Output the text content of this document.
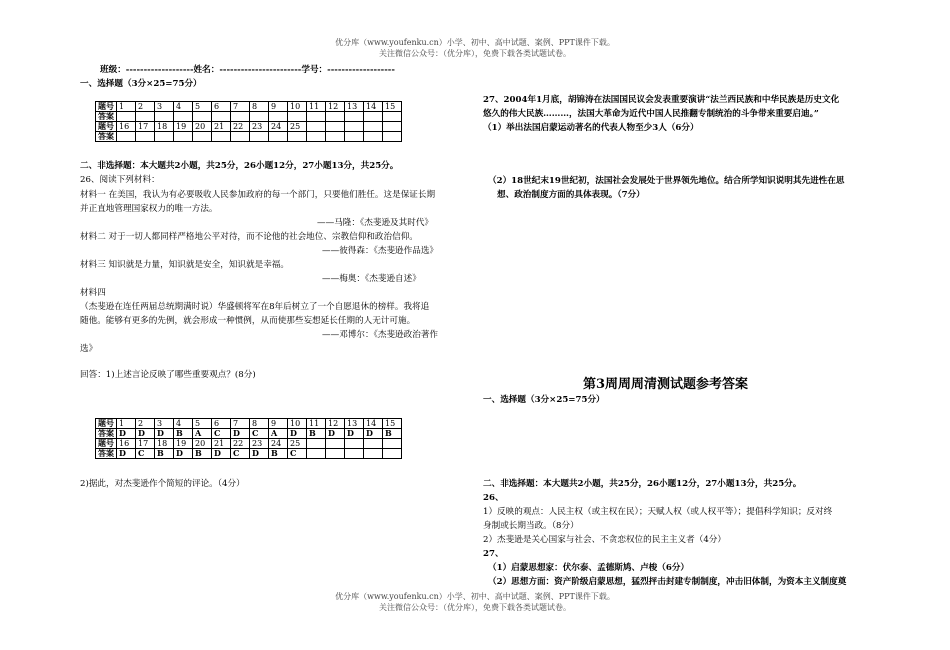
优分库（www.youfenku.cn）小学、初中、高中试题、案例、PPT课件下载。
关注微信公众号：（优分库），免费下载各类试题试卷。
班级：-------------------姓名：-----------------------学号：-------------------
一、选择题（3分×25=75分）
题号	1	2	3	4	5	6	7	8	9	10	11	12	13	14	15
答案															
题号	16	17	18	19	20	21	22	23	24	25					
答案															
二、非选择题：本大题共2小题，共25分，26小题12分，27小题13分，共25分。
26、阅读下列材料：
材料一 在美国，我认为有必要吸收人民参加政府的每一个部门，只要他们胜任。这是保证长期
并正直地管理国家权力的唯一方法。
——马隆：《杰斐逊及其时代》
材料二 对于一切人都同样严格地公平对待，而不论他的社会地位、宗教信仰和政治信仰。
——彼得森：《杰斐逊作品选》
材料三 知识就是力量，知识就是安全，知识就是幸福。
——梅奥：《杰斐逊自述》
材料四
（杰斐逊在连任两届总统期满时说）华盛顿将军在8年后树立了一个自愿退休的榜样。我将追
随他。能够有更多的先例，就会形成一种惯例，从而使那些妄想延长任期的人无计可施。
——邓博尔：《杰斐逊政治著作
选》
回答：1)上述言论反映了哪些重要观点？(8分)
题号	1	2	3	4	5	6	7	8	9	10	11	12	13	14	15
答案	D	D	D	B	A	C	D	C	A	D	B	D	D	D	B
题号	16	17	18	19	20	21	22	23	24	25					
答案	D	C	B	D	B	D	C	D	B	C					
2)据此，对杰斐逊作个简短的评论。（4分）
27、2004年1月底，胡锦涛在法国国民议会发表重要演讲“法兰西民族和中华民族是历史文化
悠久的伟大民族………，法国大革命为近代中国人民推翻专制统治的斗争带来重要启迪。”
（1）举出法国启蒙运动著名的代表人物至少3人（6分）
（2）18世纪末19世纪初，法国社会发展处于世界领先地位。结合所学知识说明其先进性在思
想、政治制度方面的具体表现。（7分）
第3周周周清测试题参考答案
一、选择题（3分×25=75分）
二、非选择题：本大题共2小题，共25分，26小题12分，27小题13分，共25分。
26、
1）反映的观点：人民主权（或主权在民）；天赋人权（或人权平等）；提倡科学知识；反对终
身制或长期当政。（8分）
2）杰斐逊是关心国家与社会、不贪恋权位的民主主义者（4分）
27、
（1）启蒙思想家：伏尔泰、孟德斯鸠、卢梭（6分）
（2）思想方面：资产阶级启蒙思想，猛烈抨击封建专制制度，冲击旧体制，为资本主义制度奠
优分库（www.youfenku.cn）小学、初中、高中试题、案例、PPT课件下载。
关注微信公众号：（优分库），免费下载各类试题试卷。
